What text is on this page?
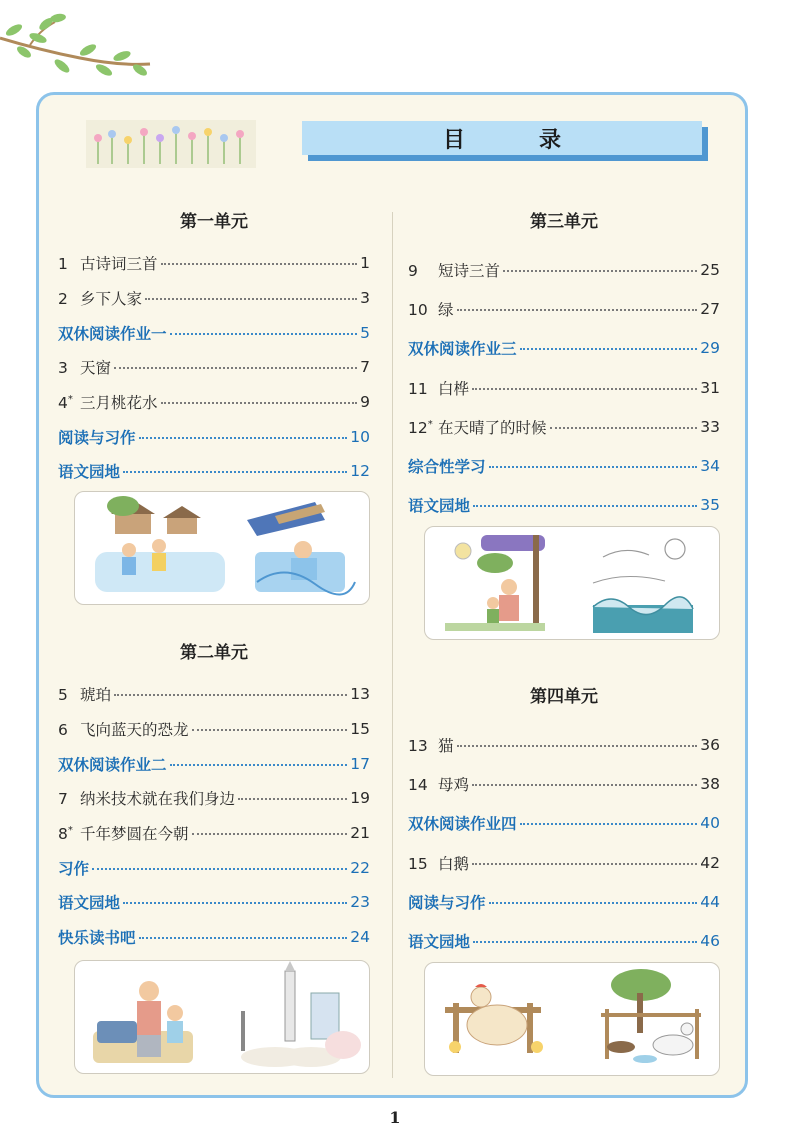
目　录
第一单元
1 古诗词三首	1
2 乡下人家	3
双休阅读作业一	5
3 天窗	7
4* 三月桃花水	9
阅读与习作	10
语文园地	12
第二单元
5 琥珀	13
6 飞向蓝天的恐龙	15
双休阅读作业二	17
7 纳米技术就在我们身边	19
8* 千年梦圆在今朝	21
习作	22
语文园地	23
快乐读书吧	24
第三单元
9 短诗三首	25
10 绿	27
双休阅读作业三	29
11 白桦	31
12* 在天晴了的时候	33
综合性学习	34
语文园地	35
第四单元
13 猫	36
14 母鸡	38
双休阅读作业四	40
15 白鹅	42
阅读与习作	44
语文园地	46
1
